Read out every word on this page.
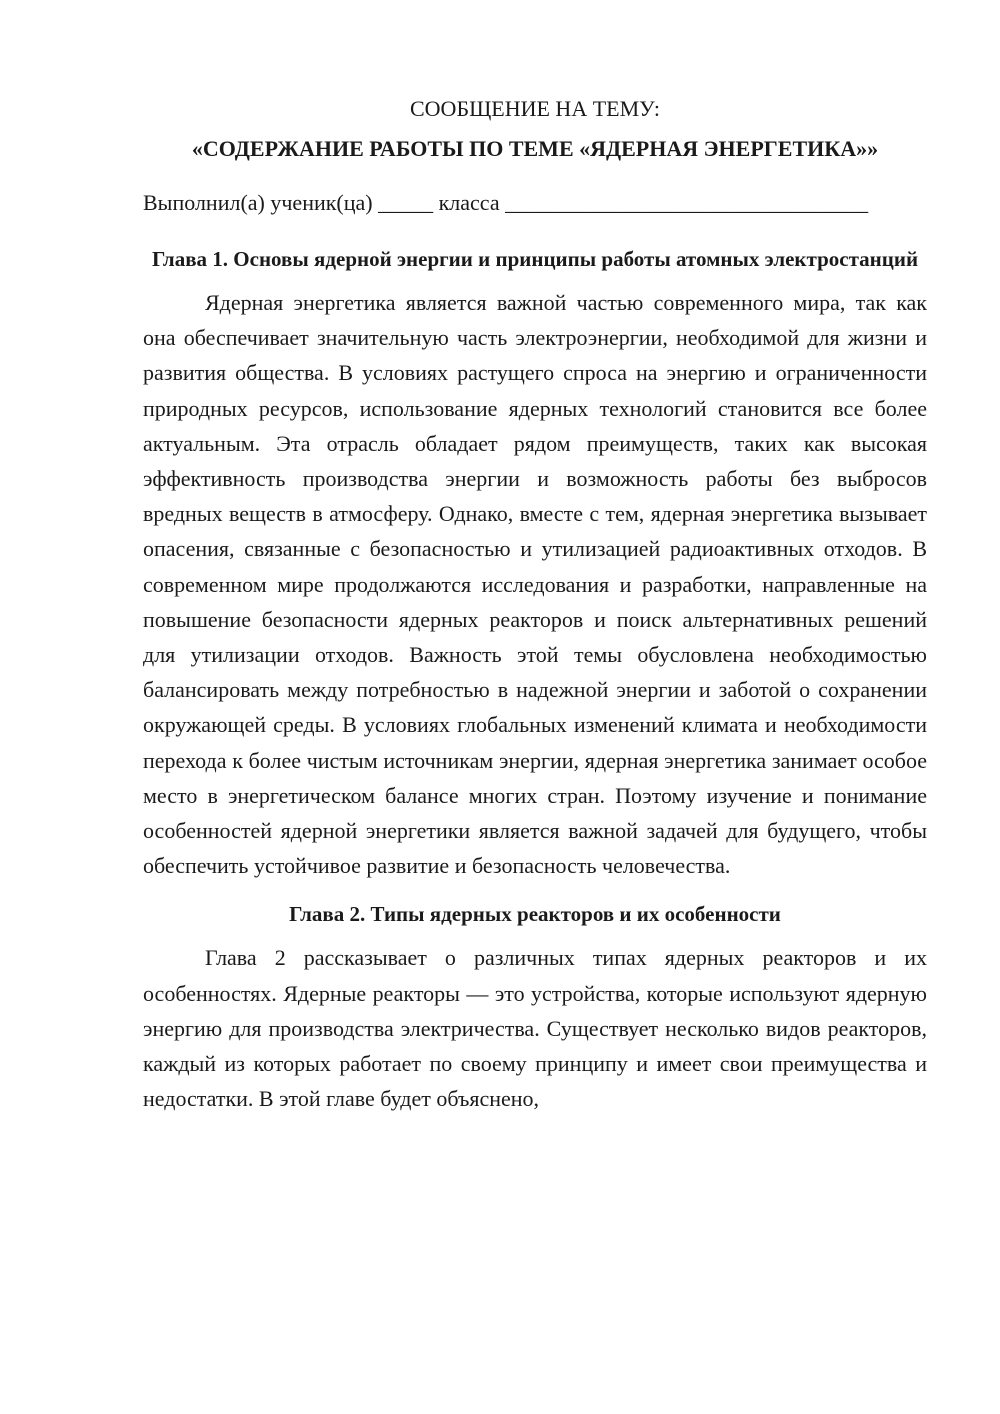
СООБЩЕНИЕ НА ТЕМУ:

«СОДЕРЖАНИЕ РАБОТЫ ПО ТЕМЕ «ЯДЕРНАЯ ЭНЕРГЕТИКА»»

Выполнил(а) ученик(ца) _____ класса _________________________________

Глава 1. Основы ядерной энергии и принципы работы атомных электростанций

Ядерная энергетика является важной частью современного мира, так как она обеспечивает значительную часть электроэнергии, необходимой для жизни и развития общества. В условиях растущего спроса на энергию и ограниченности природных ресурсов, использование ядерных технологий становится все более актуальным. Эта отрасль обладает рядом преимуществ, таких как высокая эффективность производства энергии и возможность работы без выбросов вредных веществ в атмосферу. Однако, вместе с тем, ядерная энергетика вызывает опасения, связанные с безопасностью и утилизацией радиоактивных отходов. В современном мире продолжаются исследования и разработки, направленные на повышение безопасности ядерных реакторов и поиск альтернативных решений для утилизации отходов. Важность этой темы обусловлена необходимостью балансировать между потребностью в надежной энергии и заботой о сохранении окружающей среды. В условиях глобальных изменений климата и необходимости перехода к более чистым источникам энергии, ядерная энергетика занимает особое место в энергетическом балансе многих стран. Поэтому изучение и понимание особенностей ядерной энергетики является важной задачей для будущего, чтобы обеспечить устойчивое развитие и безопасность человечества.

Глава 2. Типы ядерных реакторов и их особенности

Глава 2 рассказывает о различных типах ядерных реакторов и их особенностях. Ядерные реакторы — это устройства, которые используют ядерную энергию для производства электричества. Существует несколько видов реакторов, каждый из которых работает по своему принципу и имеет свои преимущества и недостатки. В этой главе будет объяснено,
